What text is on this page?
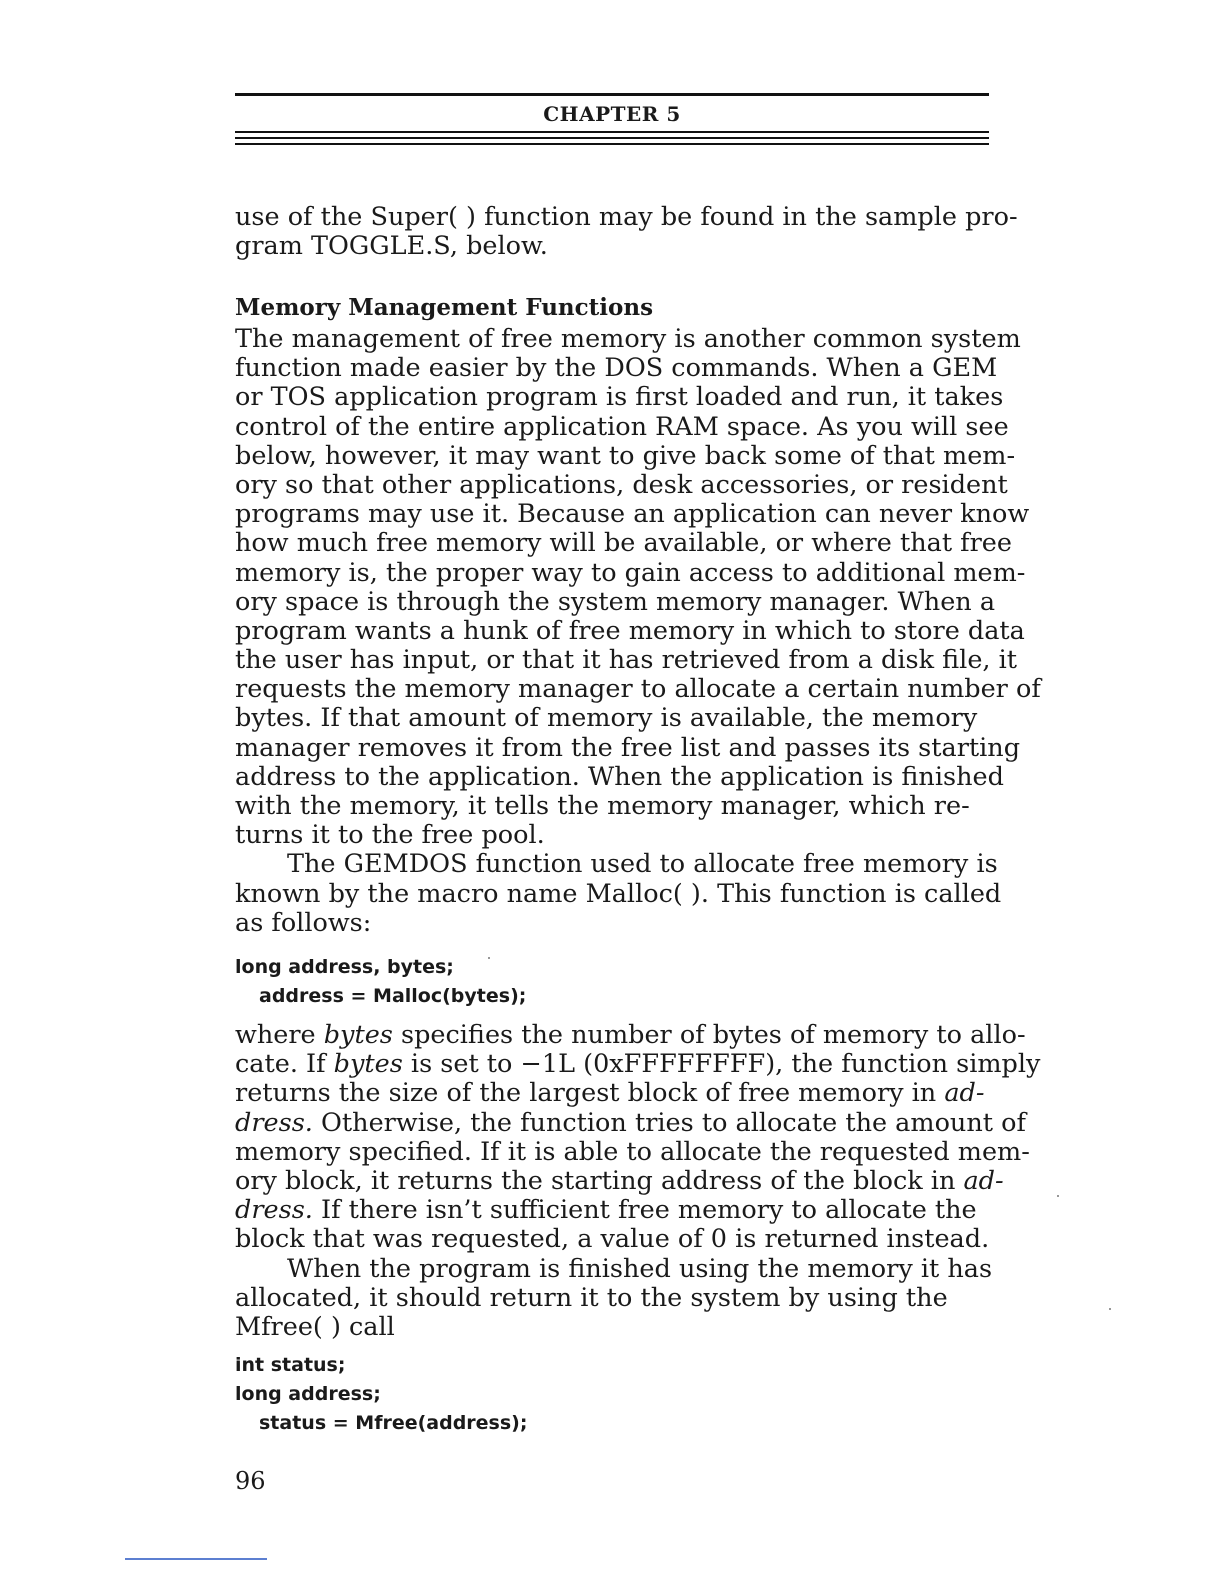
CHAPTER 5
use of the Super( ) function may be found in the sample pro-
gram TOGGLE.S, below.
Memory Management Functions
The management of free memory is another common system
function made easier by the DOS commands. When a GEM
or TOS application program is first loaded and run, it takes
control of the entire application RAM space. As you will see
below, however, it may want to give back some of that mem-
ory so that other applications, desk accessories, or resident
programs may use it. Because an application can never know
how much free memory will be available, or where that free
memory is, the proper way to gain access to additional mem-
ory space is through the system memory manager. When a
program wants a hunk of free memory in which to store data
the user has input, or that it has retrieved from a disk file, it
requests the memory manager to allocate a certain number of
bytes. If that amount of memory is available, the memory
manager removes it from the free list and passes its starting
address to the application. When the application is finished
with the memory, it tells the memory manager, which re-
turns it to the free pool.
The GEMDOS function used to allocate free memory is
known by the macro name Malloc( ). This function is called
as follows:
long address, bytes;
address = Malloc(bytes);
where bytes specifies the number of bytes of memory to allo-
cate. If bytes is set to −1L (0xFFFFFFFF), the function simply
returns the size of the largest block of free memory in ad-
dress. Otherwise, the function tries to allocate the amount of
memory specified. If it is able to allocate the requested mem-
ory block, it returns the starting address of the block in ad-
dress. If there isn’t sufficient free memory to allocate the
block that was requested, a value of 0 is returned instead.
When the program is finished using the memory it has
allocated, it should return it to the system by using the
Mfree( ) call
int status;
long address;
status = Mfree(address);
96
